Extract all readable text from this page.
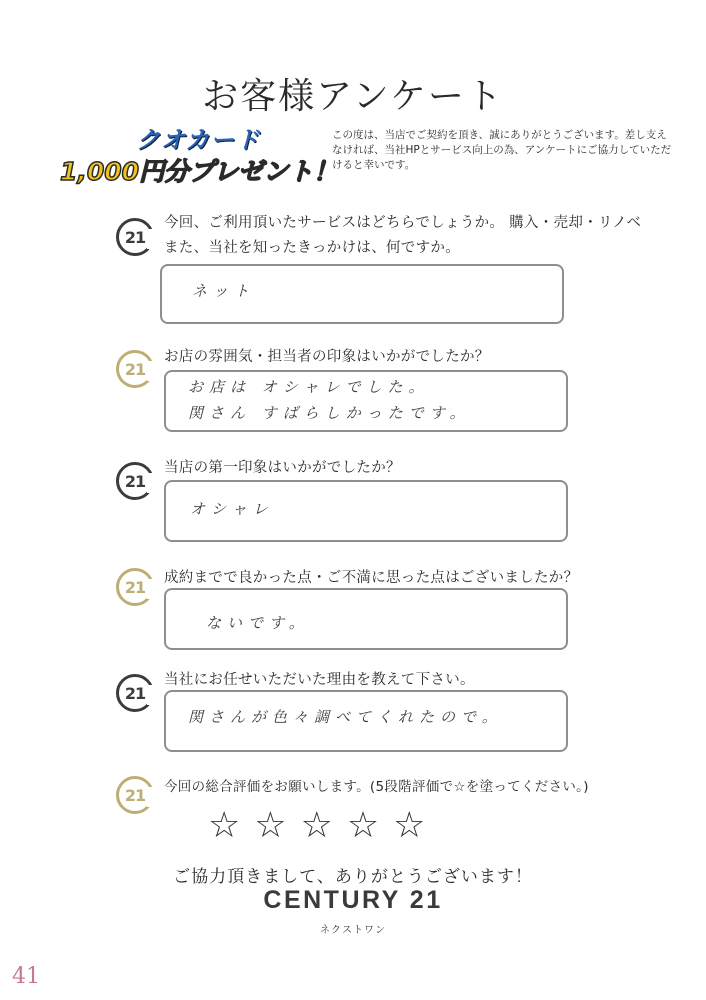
お客様アンケート
クオカード
1,000円分プレゼント！
この度は、当店でご契約を頂き、誠にありがとうございます。差し支えなければ、当社HPとサービス向上の為、アンケートにご協力していただけると幸いです。
21
今回、ご利用頂いたサービスはどちらでしょうか。 購入・売却・リノベ
また、当社を知ったきっかけは、何ですか。
ネット
21
お店の雰囲気・担当者の印象はいかがでしたか？
お店は オシャレでした。
関さん すばらしかったです。
21
当店の第一印象はいかがでしたか？
オシャレ
21 成約までで良かった点・ご不満に思った点はございましたか？
ないです。
21
当社にお任せいただいた理由を教えて下さい。
関さんが色々調べてくれたので。
21 今回の総合評価をお願いします。(5段階評価で☆を塗ってください。)
☆ ☆ ☆ ☆ ☆
ご協力頂きまして、ありがとうございます！
CENTURY 21
ネクストワン
41
